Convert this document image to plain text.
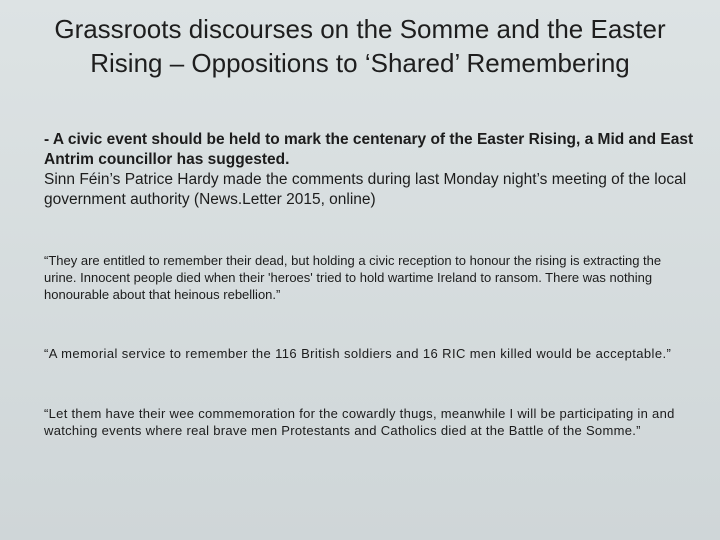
Grassroots discourses on the Somme and the Easter Rising – Oppositions to ‘Shared’ Remembering

- A civic event should be held to mark the centenary of the Easter Rising, a Mid and East Antrim councillor has suggested.
Sinn Féin’s Patrice Hardy made the comments during last Monday night’s meeting of the local government authority (News.Letter 2015, online)

“They are entitled to remember their dead, but holding a civic reception to honour the rising is extracting the urine. Innocent people died when their 'heroes' tried to hold wartime Ireland to ransom. There was nothing honourable about that heinous rebellion.”

“A memorial service to remember the 116 British soldiers and 16 RIC men killed would be acceptable.”

“Let them have their wee commemoration for the cowardly thugs, meanwhile I will be participating in and watching events where real brave men Protestants and Catholics died at the Battle of the Somme.”
